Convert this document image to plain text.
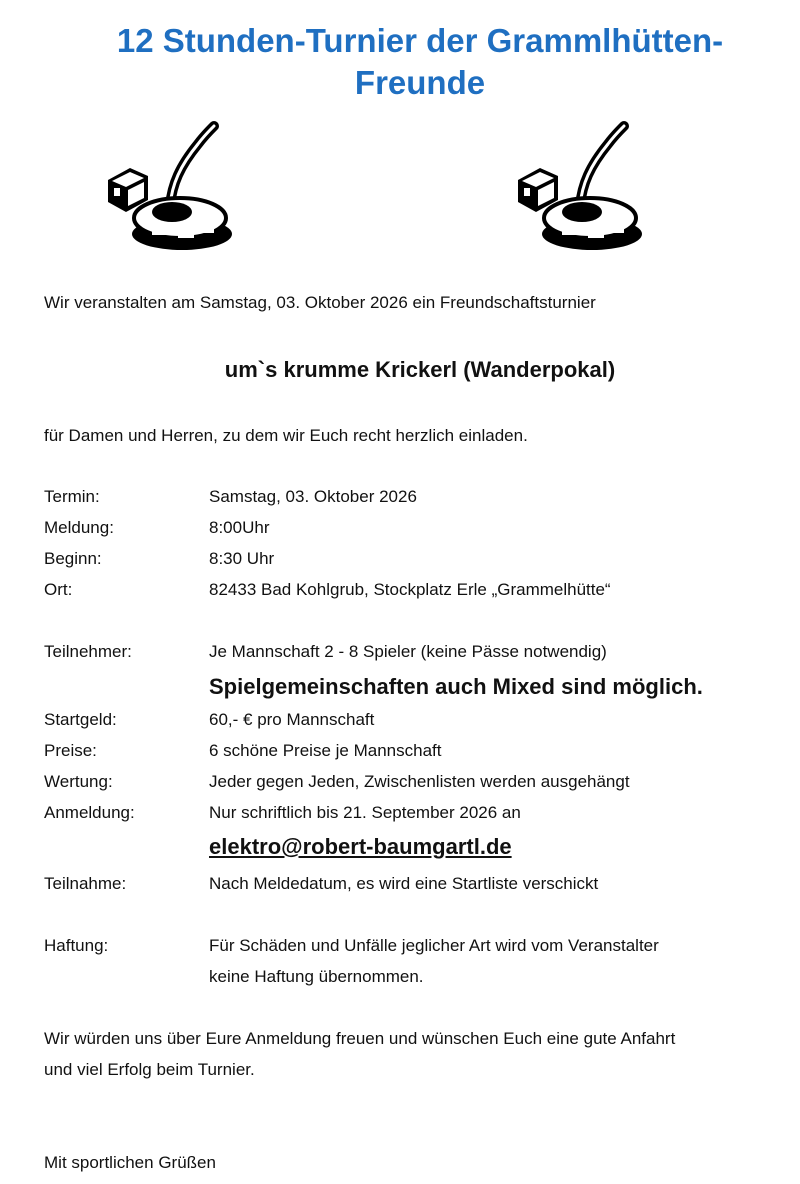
12 Stunden-Turnier der Grammlhütten-
Freunde
Wir veranstalten am Samstag, 03. Oktober 2026 ein Freundschaftsturnier
um`s krumme Krickerl (Wanderpokal)
für Damen und Herren, zu dem wir Euch recht herzlich einladen.
Termin:	Samstag, 03. Oktober 2026
Meldung:	8:00Uhr
Beginn:	8:30 Uhr
Ort:	82433 Bad Kohlgrub, Stockplatz Erle „Grammelhütte“
Teilnehmer:	Je Mannschaft 2 - 8 Spieler (keine Pässe notwendig)
Spielgemeinschaften auch Mixed sind möglich.
Startgeld:	60,- € pro Mannschaft
Preise:	6 schöne Preise je Mannschaft
Wertung:	Jeder gegen Jeden, Zwischenlisten werden ausgehängt
Anmeldung:	Nur schriftlich bis 21. September 2026 an
elektro@robert-baumgartl.de
Teilnahme:	Nach Meldedatum, es wird eine Startliste verschickt
Haftung:	Für Schäden und Unfälle jeglicher Art wird vom Veranstalter
keine Haftung übernommen.
Wir würden uns über Eure Anmeldung freuen und wünschen Euch eine gute Anfahrt
und viel Erfolg beim Turnier.
Mit sportlichen Grüßen
